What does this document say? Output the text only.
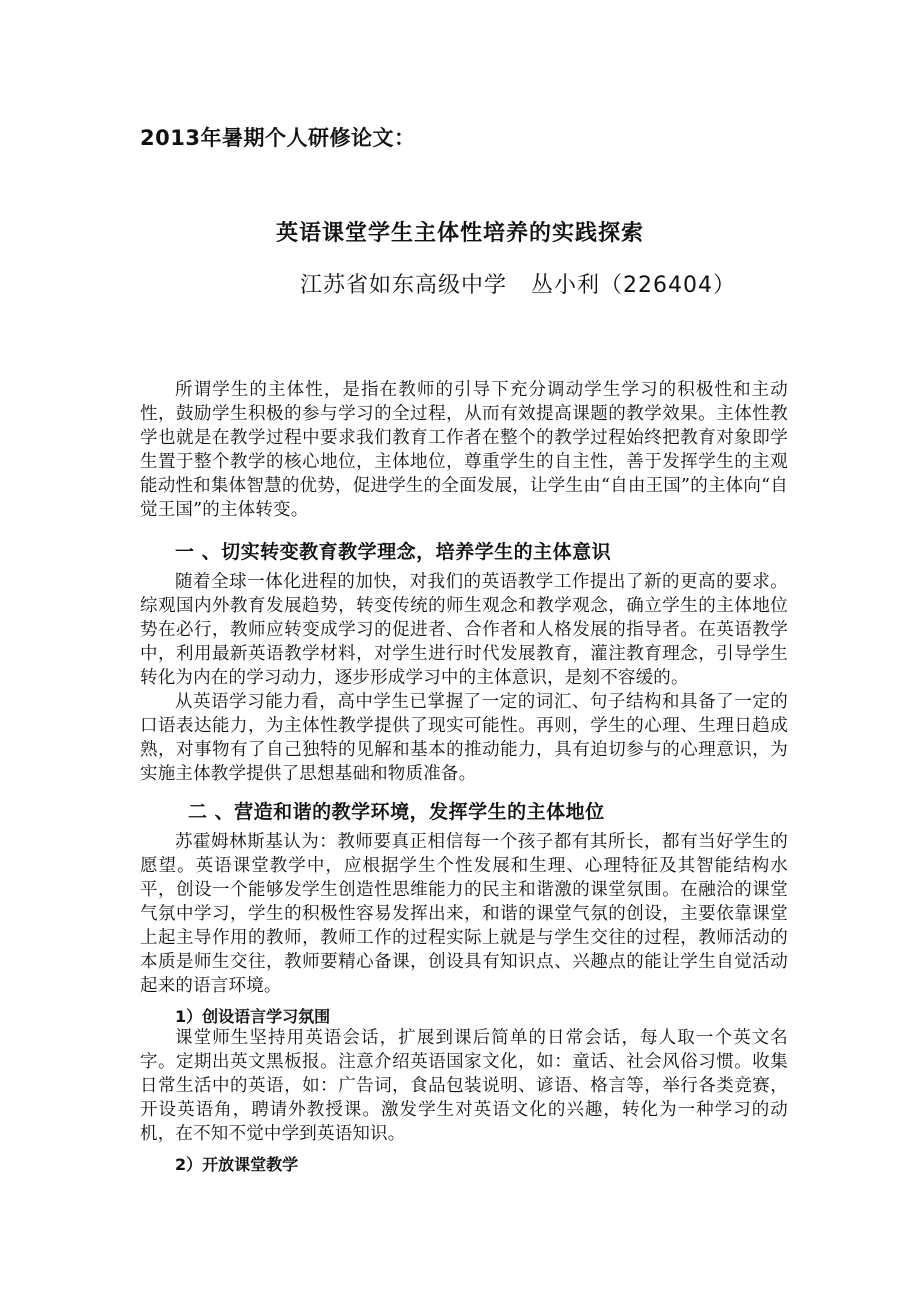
2013年暑期个人研修论文：
英语课堂学生主体性培养的实践探索
江苏省如东高级中学   丛小利（226404）

所谓学生的主体性，是指在教师的引导下充分调动学生学习的积极性和主动性，鼓励学生积极的参与学习的全过程，从而有效提高课题的教学效果。主体性教学也就是在教学过程中要求我们教育工作者在整个的教学过程始终把教育对象即学生置于整个教学的核心地位，主体地位，尊重学生的自主性，善于发挥学生的主观能动性和集体智慧的优势，促进学生的全面发展，让学生由“自由王国”的主体向“自觉王国”的主体转变。

一 、切实转变教育教学理念，培养学生的主体意识

随着全球一体化进程的加快，对我们的英语教学工作提出了新的更高的要求。综观国内外教育发展趋势，转变传统的师生观念和教学观念，确立学生的主体地位势在必行，教师应转变成学习的促进者、合作者和人格发展的指导者。在英语教学中，利用最新英语教学材料，对学生进行时代发展教育，灌注教育理念，引导学生转化为内在的学习动力，逐步形成学习中的主体意识，是刻不容缓的。

从英语学习能力看，高中学生已掌握了一定的词汇、句子结构和具备了一定的口语表达能力，为主体性教学提供了现实可能性。再则，学生的心理、生理日趋成熟，对事物有了自己独特的见解和基本的推动能力，具有迫切参与的心理意识，为实施主体教学提供了思想基础和物质准备。

二 、营造和谐的教学环境，发挥学生的主体地位

苏霍姆林斯基认为：教师要真正相信每一个孩子都有其所长，都有当好学生的愿望。英语课堂教学中，应根据学生个性发展和生理、心理特征及其智能结构水平，创设一个能够发学生创造性思维能力的民主和谐激的课堂氛围。在融洽的课堂气氛中学习，学生的积极性容易发挥出来，和谐的课堂气氛的创设，主要依靠课堂上起主导作用的教师，教师工作的过程实际上就是与学生交往的过程，教师活动的本质是师生交往，教师要精心备课，创设具有知识点、兴趣点的能让学生自觉活动起来的语言环境。

1）创设语言学习氛围

课堂师生坚持用英语会话，扩展到课后简单的日常会话，每人取一个英文名字。定期出英文黑板报。注意介绍英语国家文化，如：童话、社会风俗习惯。收集日常生活中的英语，如：广告词，食品包装说明、谚语、格言等，举行各类竞赛，开设英语角，聘请外教授课。激发学生对英语文化的兴趣，转化为一种学习的动机，在不知不觉中学到英语知识。

2）开放课堂教学
